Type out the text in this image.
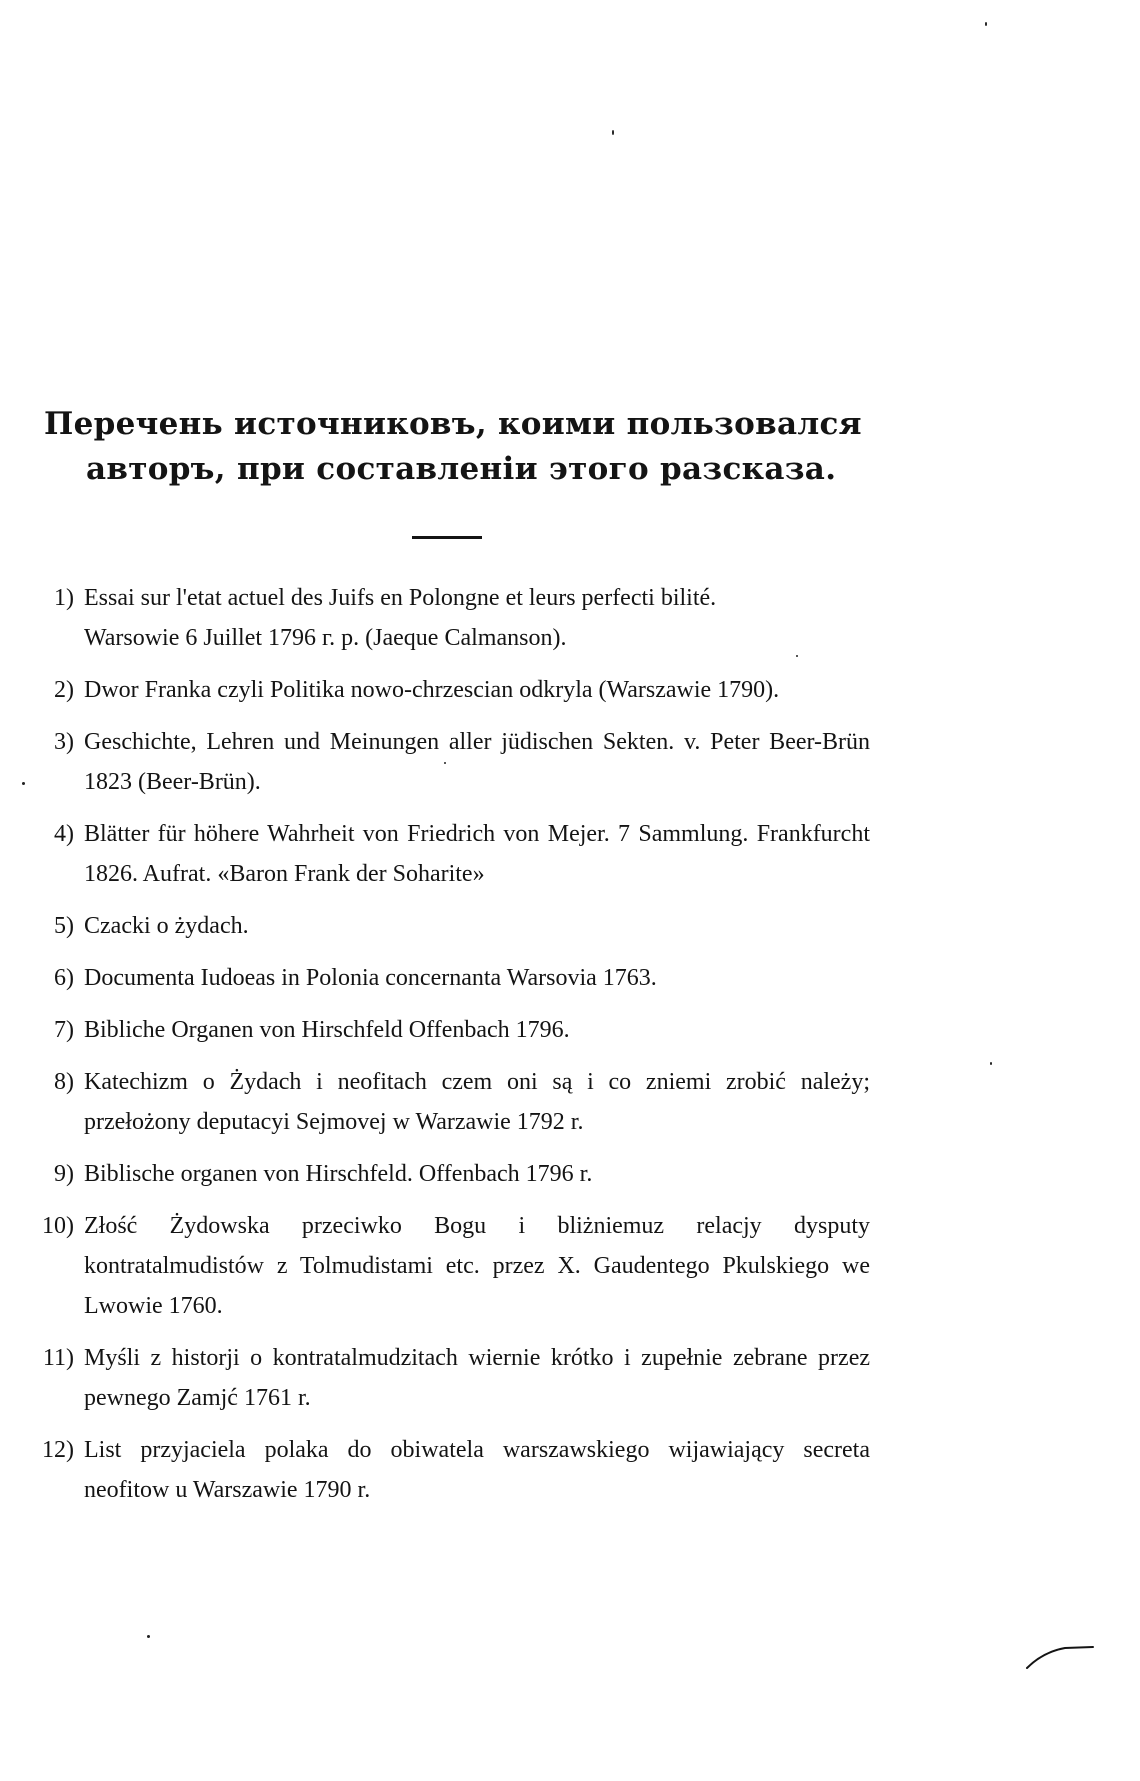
Перечень источниковъ, коими пользовался
авторъ, при составленіи этого разсказа.
1) Essai sur l'etat actuel des Juifs en Polongne et leurs perfecti bilité.
Warsowie 6 Juillet 1796 г. p. (Jaeque Calmanson).
2) Dwor Franka czyli Politika nowo-chrzescian odkryla (Warszawie 1790).
3) Geschichte, Lehren und Meinungen aller jüdischen Sekten. v. Peter Beer-Brün 1823 (Beer-Brün).
4) Blätter für höhere Wahrheit von Friedrich von Mejer. 7 Sammlung. Frankfurcht 1826. Aufrat. «Baron Frank der Soharite»
5) Czacki o żydach.
6) Documenta Iudoeas in Polonia concernanta Warsovia 1763.
7) Bibliche Organen von Hirschfeld Offenbach 1796.
8) Katechizm o Żydach i neofitach czem oni są i co zniemi zrobić należy; przełożony deputacyi Sejmovej w Warzawie 1792 r.
9) Biblische organen von Hirschfeld. Offenbach 1796 r.
10) Złość Żydowska przeciwko Bogu i bliżniemuz relacjy dysputy kontratalmudistów z Tolmudistami etc. przez X. Gaudentego Pkulskiego we Lwowie 1760.
11) Myśli z historji o kontratalmudzitach wiernie krótko i zupełnie zebrane przez pewnego Zamjć 1761 r.
12) List przyjaciela polaka do obiwatela warszawskiego wijawiający secreta neofitow u Warszawie 1790 r.
